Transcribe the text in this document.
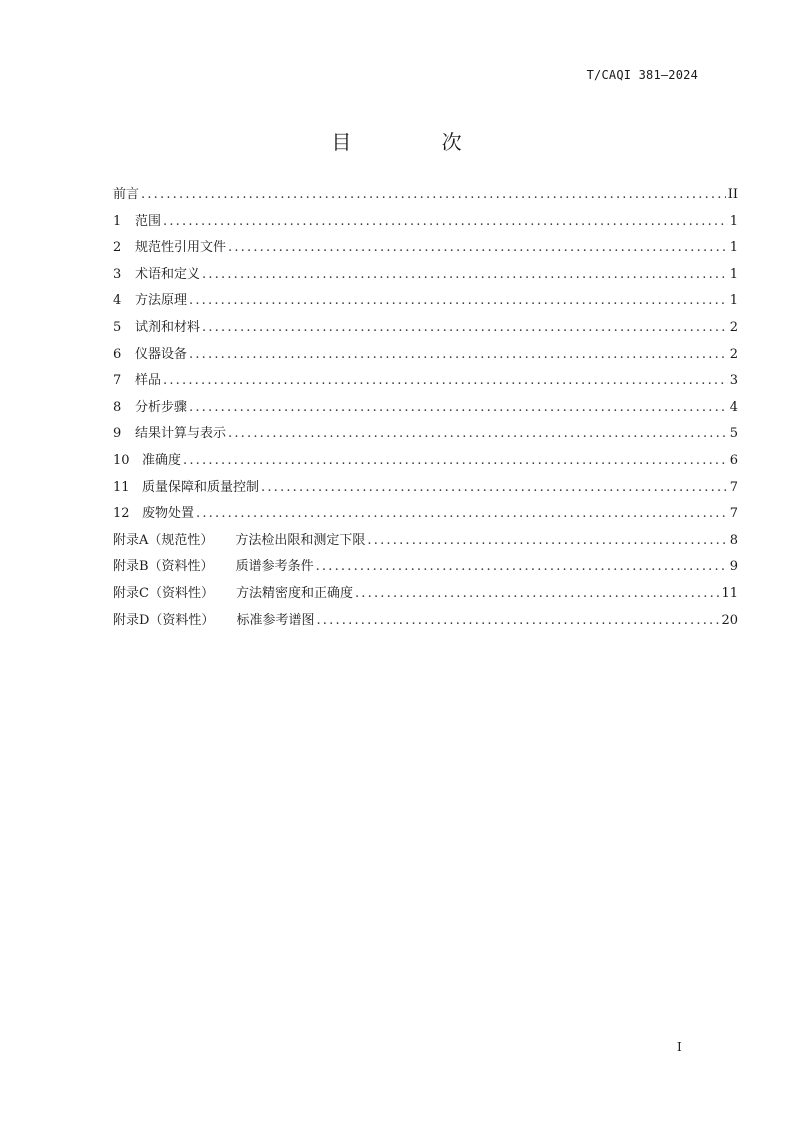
T/CAQI 381—2024
目 次
前言 .....	II
1	范围 .....	1
2	规范性引用文件 .....	1
3	术语和定义 .....	1
4	方法原理 .....	1
5	试剂和材料 .....	2
6	仪器设备 .....	2
7	样品 .....	3
8	分析步骤 .....	4
9	结果计算与表示 .....	5
10 准确度 .....	6
11 质量保障和质量控制 .....	7
12 废物处置 .....	7
附录A（规范性）	方法检出限和测定下限 .....	8
附录B（资料性）	质谱参考条件 .....	9
附录C（资料性）	方法精密度和正确度 .....	11
附录D（资料性）	标准参考谱图 .....	20
I
